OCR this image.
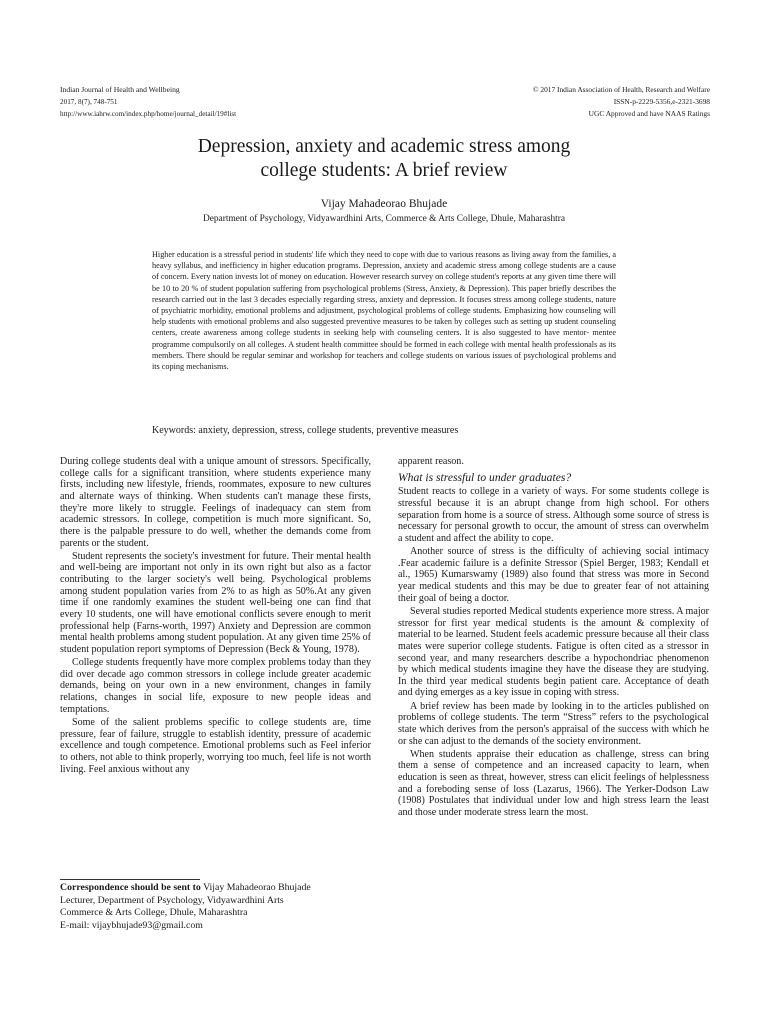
Indian Journal of Health and Wellbeing
2017, 8(7), 748-751
http://www.iahrw.com/index.php/home/journal_detail/19#list
© 2017 Indian Association of Health, Research and Welfare
ISSN-p-2229-5356,e-2321-3698
UGC Approved and have NAAS Ratings
Depression, anxiety and academic stress among
college students: A brief review
Vijay Mahadeorao Bhujade
Department of Psychology, Vidyawardhini Arts, Commerce & Arts College, Dhule, Maharashtra
Higher education is a stressful period in students' life which they need to cope with due to various reasons as living away from the families, a heavy syllabus, and inefficiency in higher education programs. Depression, anxiety and academic stress among college students are a cause of concern. Every nation invests lot of money on education. However research survey on college student's reports at any given time there will be 10 to 20 % of student population suffering from psychological problems (Stress, Anxiety, & Depression). This paper briefly describes the research carried out in the last 3 decades especially regarding stress, anxiety and depression. It focuses stress among college students, nature of psychiatric morbidity, emotional problems and adjustment, psychological problems of college students. Emphasizing how counseling will help students with emotional problems and also suggested preventive measures to be taken by colleges such as setting up student counseling centers, create awareness among college students in seeking help with counseling centers. It is also suggested to have mentor- mentee programme compulsorily on all colleges. A student health committee should be formed in each college with mental health professionals as its members. There should be regular seminar and workshop for teachers and college students on various issues of psychological problems and its coping mechanisms.
Keywords: anxiety, depression, stress, college students, preventive measures

During college students deal with a unique amount of stressors. Specifically, college calls for a significant transition, where students experience many firsts, including new lifestyle, friends, roommates, exposure to new cultures and alternate ways of thinking. When students can't manage these firsts, they're more likely to struggle. Feelings of inadequacy can stem from academic stressors. In college, competition is much more significant. So, there is the palpable pressure to do well, whether the demands come from parents or the student.

Student represents the society's investment for future. Their mental health and well-being are important not only in its own right but also as a factor contributing to the larger society's well being. Psychological problems among student population varies from 2% to as high as 50%.At any given time if one randomly examines the student well-being one can find that every 10 students, one will have emotional conflicts severe enough to merit professional help (Farns-worth, 1997) Anxiety and Depression are common mental health problems among student population. At any given time 25% of student population report symptoms of Depression (Beck & Young, 1978).

College students frequently have more complex problems today than they did over decade ago common stressors in college include greater academic demands, being on your own in a new environment, changes in family relations, changes in social life, exposure to new people ideas and temptations.

Some of the salient problems specific to college students are, time pressure, fear of failure, struggle to establish identity, pressure of academic excellence and tough competence. Emotional problems such as Feel inferior to others, not able to think properly, worrying too much, feel life is not worth living. Feel anxious without any

apparent reason.

What is stressful to under graduates?

Student reacts to college in a variety of ways. For some students college is stressful because it is an abrupt change from high school. For others separation from home is a source of stress. Although some source of stress is necessary for personal growth to occur, the amount of stress can overwhelm a student and affect the ability to cope.

Another source of stress is the difficulty of achieving social intimacy .Fear academic failure is a definite Stressor (Spiel Berger, 1983; Kendall et al., 1965) Kumarswamy (1989) also found that stress was more in Second year medical students and this may be due to greater fear of not attaining their goal of being a doctor.

Several studies reported Medical students experience more stress. A major stressor for first year medical students is the amount & complexity of material to be learned. Student feels academic pressure because all their class mates were superior college students. Fatigue is often cited as a stressor in second year, and many researchers describe a hypochondriac phenomenon by which medical students imagine they have the disease they are studying. In the third year medical students begin patient care. Acceptance of death and dying emerges as a key issue in coping with stress.

A brief review has been made by looking in to the articles published on problems of college students. The term “Stress” refers to the psychological state which derives from the person's appraisal of the success with which he or she can adjust to the demands of the society environment.

When students appraise their education as challenge, stress can bring them a sense of competence and an increased capacity to learn, when education is seen as threat, however, stress can elicit feelings of helplessness and a foreboding sense of loss (Lazarus, 1966). The Yerker-Dodson Law (1908) Postulates that individual under low and high stress learn the least and those under moderate stress learn the most.

Correspondence should be sent to Vijay Mahadeorao Bhujade
Lecturer, Department of Psychology, Vidyawardhini Arts
Commerce & Arts College, Dhule, Maharashtra
E-mail: vijaybhujade93@gmail.com
